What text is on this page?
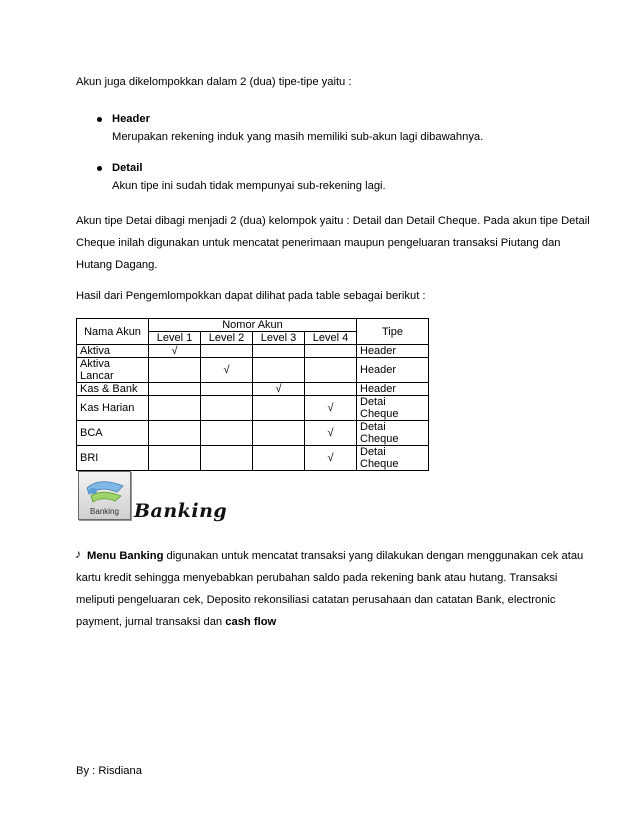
Akun juga dikelompokkan dalam 2 (dua) tipe-tipe yaitu :
Header
Merupakan rekening induk yang masih memiliki sub-akun lagi dibawahnya.
Detail
Akun tipe ini sudah tidak mempunyai sub-rekening lagi.
Akun tipe Detai dibagi menjadi 2 (dua) kelompok yaitu : Detail dan Detail Cheque. Pada akun tipe Detail
Cheque inilah digunakan untuk mencatat penerimaan maupun pengeluaran transaksi Piutang dan
Hutang Dagang.
Hasil dari Pengemlompokkan dapat dilihat pada table sebagai berikut :
Nama Akun	Nomor Akun				Tipe
	Level 1	Level 2	Level 3	Level 4	
Aktiva	√				Header
Aktiva Lancar		√			Header
Kas & Bank			√		Header
Kas Harian				√	Detai Cheque
BCA				√	Detai Cheque
BRI				√	Detai Cheque
Banking Banking
♪ Menu Banking digunakan untuk mencatat transaksi yang dilakukan dengan menggunakan cek atau
kartu kredit sehingga menyebabkan perubahan saldo pada rekening bank atau hutang. Transaksi
meliputi pengeluaran cek, Deposito rekonsiliasi catatan perusahaan dan catatan Bank, electronic
payment, jurnal transaksi dan cash flow
By : Risdiana
